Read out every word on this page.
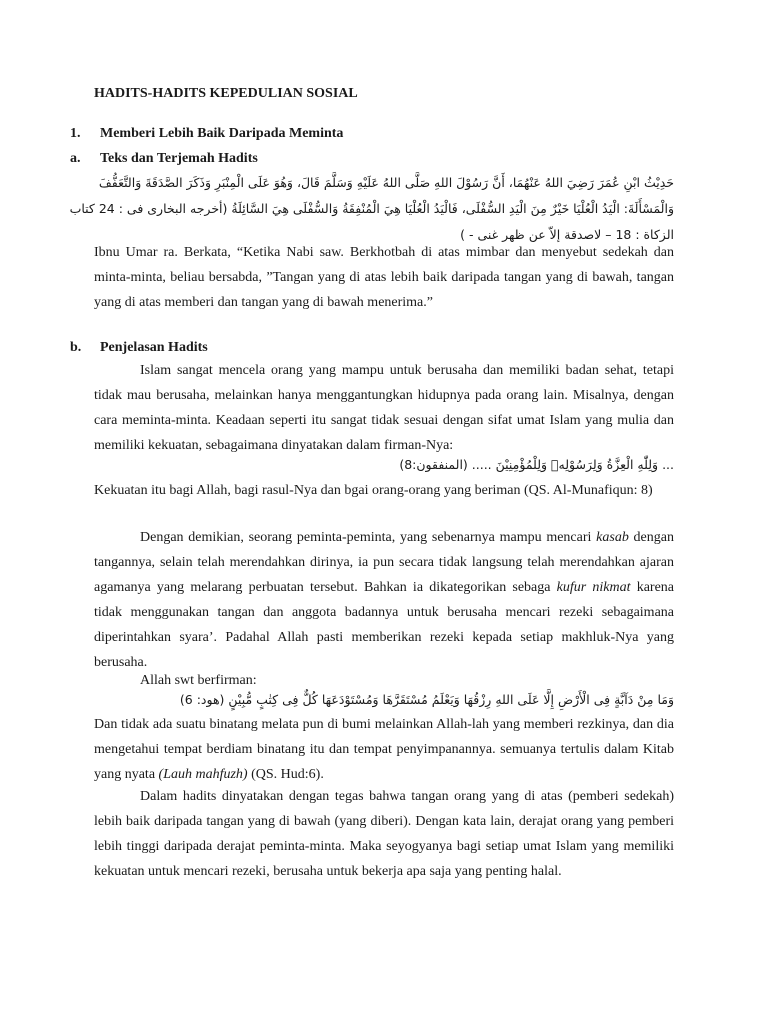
HADITS-HADITS KEPEDULIAN SOSIAL
1. Memberi Lebih Baik Daripada Meminta
a. Teks dan Terjemah Hadits
حَدِيْثُ ابْنِ عُمَرَ رَضِيَ اللهُ عَنْهُمَا، أَنَّ رَسُوْلَ اللهِ صَلَّى اللهُ عَلَيْهِ وَسَلَّمَ قَالَ، وَهُوَ عَلَى الْمِنْبَرِ وَذَكَرَ الصَّدَقَةَ وَالتَّعَفُّفَ
وَالْمَسْأَلَةَ: الْيَدُ الْعُلْيَا خَيْرٌ مِنَ الْيَدِ السُّفْلَى، فَالْيَدُ الْعُلْيَا هِيَ الْمُنْفِقَةُ وَالسُّفْلَى هِيَ السَّائِلَةُ (أخرجه البخارى فى : 24 كتاب
الزكاة : 18 – لاصدقة إلاّ عن ظهر غنى - )

Ibnu Umar ra. Berkata, “Ketika Nabi saw. Berkhotbah di atas mimbar dan menyebut sedekah dan minta-minta, beliau bersabda, ”Tangan yang di atas lebih baik daripada tangan yang di bawah, tangan yang di atas memberi dan tangan yang di bawah menerima.”

b. Penjelasan Hadits

Islam sangat mencela orang yang mampu untuk berusaha dan memiliki badan sehat, tetapi tidak mau berusaha, melainkan hanya menggantungkan hidupnya pada orang lain. Misalnya, dengan cara meminta-minta. Keadaan seperti itu sangat tidak sesuai dengan sifat umat Islam yang mulia dan memiliki kekuatan, sebagaimana dinyatakan dalam firman-Nya:

... وَلِلّٰهِ الْعِزَّةُ وَلِرَسُوْلِهٖ وَلِلْمُؤْمِنِيْنَ ..... (المنفقون:8)

Kekuatan itu bagi Allah, bagi rasul-Nya dan bgai orang-orang yang beriman (QS. Al-Munafiqun: 8)

Dengan demikian, seorang peminta-peminta, yang sebenarnya mampu mencari kasab dengan tangannya, selain telah merendahkan dirinya, ia pun secara tidak langsung telah merendahkan ajaran agamanya yang melarang perbuatan tersebut. Bahkan ia dikategorikan sebaga kufur nikmat karena tidak menggunakan tangan dan anggota badannya untuk berusaha mencari rezeki sebagaimana diperintahkan syara’. Padahal Allah pasti memberikan rezeki kepada setiap makhluk-Nya yang berusaha.

Allah swt berfirman:

وَمَا مِنْ دَآبَّةٍ فِى الْأَرْضِ إِلَّا عَلَى اللهِ رِزْقُهَا وَيَعْلَمُ مُسْتَقَرَّهَا وَمُسْتَوْدَعَهَا كُلٌّ فِى كِتٰبٍ مُّبِيْنٍ (هود: 6)

Dan tidak ada suatu binatang melata pun di bumi melainkan Allah-lah yang memberi rezkinya, dan dia mengetahui tempat berdiam binatang itu dan tempat penyimpanannya. semuanya tertulis dalam Kitab yang nyata (Lauh mahfuzh) (QS. Hud:6).

Dalam hadits dinyatakan dengan tegas bahwa tangan orang yang di atas (pemberi sedekah) lebih baik daripada tangan yang di bawah (yang diberi). Dengan kata lain, derajat orang yang pemberi lebih tinggi daripada derajat peminta-minta. Maka seyogyanya bagi setiap umat Islam yang memiliki kekuatan untuk mencari rezeki, berusaha untuk bekerja apa saja yang penting halal.
